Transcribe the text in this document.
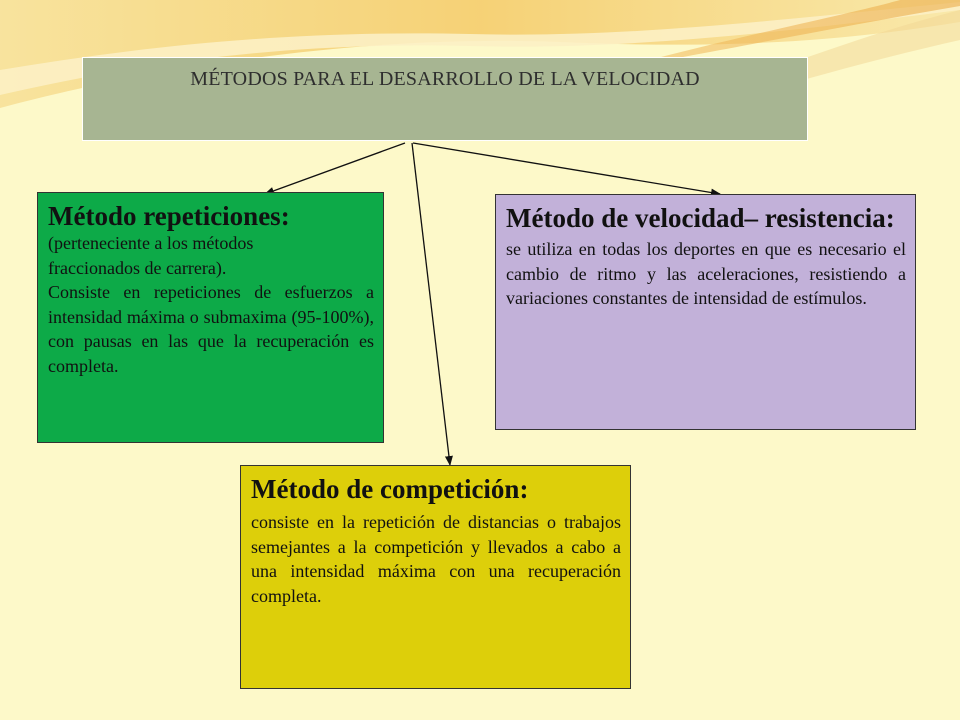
MÉTODOS PARA EL DESARROLLO DE LA VELOCIDAD
Método repeticiones:

(perteneciente a los métodos fraccionados de carrera).

Consiste en repeticiones de esfuerzos a intensidad máxima o submaxima (95-100%), con pausas en las que la recuperación es completa.

Método de velocidad– resistencia:

se utiliza en todas los deportes en que es necesario el cambio de ritmo y las aceleraciones, resistiendo a variaciones constantes de intensidad de estímulos.

Método de competición:

consiste en la repetición de distancias o trabajos semejantes a la competición y llevados a cabo a una intensidad máxima con una recuperación completa.
